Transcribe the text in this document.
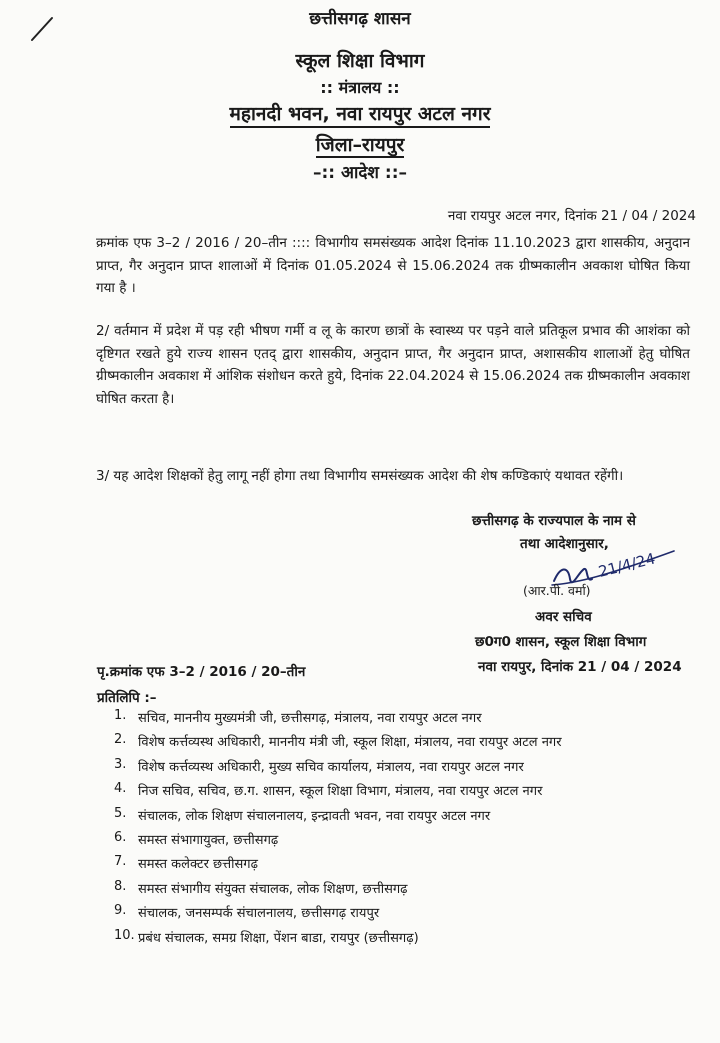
छत्तीसगढ़ शासन
स्कूल शिक्षा विभाग
:: मंत्रालय ::
महानदी भवन, नवा रायपुर अटल नगर
जिला–रायपुर
–:: आदेश ::–
नवा रायपुर अटल नगर, दिनांक 21 / 04 / 2024
क्रमांक एफ 3–2 / 2016 / 20–तीन :::: विभागीय समसंख्यक आदेश दिनांक 11.10.2023 द्वारा शासकीय, अनुदान प्राप्त, गैर अनुदान प्राप्त शालाओं में दिनांक 01.05.2024 से 15.06.2024 तक ग्रीष्मकालीन अवकाश घोषित किया गया है ।
2/ वर्तमान में प्रदेश में पड़ रही भीषण गर्मी व लू के कारण छात्रों के स्वास्थ्य पर पड़ने वाले प्रतिकूल प्रभाव की आशंका को दृष्टिगत रखते हुये राज्य शासन एतद् द्वारा शासकीय, अनुदान प्राप्त, गैर अनुदान प्राप्त, अशासकीय शालाओं हेतु घोषित ग्रीष्मकालीन अवकाश में आंशिक संशोधन करते हुये, दिनांक 22.04.2024 से 15.06.2024 तक ग्रीष्मकालीन अवकाश घोषित करता है।
3/ यह आदेश शिक्षकों हेतु लागू नहीं होगा तथा विभागीय समसंख्यक आदेश की शेष कण्डिकाएं यथावत रहेंगी।
छत्तीसगढ़ के राज्यपाल के नाम से
तथा आदेशानुसार,
21/4/24
(आर.पी. वर्मा)
अवर सचिव
छ0ग0 शासन, स्कूल शिक्षा विभाग
नवा रायपुर, दिनांक 21 / 04 / 2024
पृ.क्रमांक एफ 3–2 / 2016 / 20–तीन
प्रतिलिपि :–
1. सचिव, माननीय मुख्यमंत्री जी, छत्तीसगढ़, मंत्रालय, नवा रायपुर अटल नगर
2. विशेष कर्त्तव्यस्थ अधिकारी, माननीय मंत्री जी, स्कूल शिक्षा, मंत्रालय, नवा रायपुर अटल नगर
3. विशेष कर्त्तव्यस्थ अधिकारी, मुख्य सचिव कार्यालय, मंत्रालय, नवा रायपुर अटल नगर
4. निज सचिव, सचिव, छ.ग. शासन, स्कूल शिक्षा विभाग, मंत्रालय, नवा रायपुर अटल नगर
5. संचालक, लोक शिक्षण संचालनालय, इन्द्रावती भवन, नवा रायपुर अटल नगर
6. समस्त संभागायुक्त, छत्तीसगढ़
7. समस्त कलेक्टर छत्तीसगढ़
8. समस्त संभागीय संयुक्त संचालक, लोक शिक्षण, छत्तीसगढ़
9. संचालक, जनसम्पर्क संचालनालय, छत्तीसगढ़ रायपुर
10. प्रबंध संचालक, समग्र शिक्षा, पेंशन बाडा, रायपुर (छत्तीसगढ़)
